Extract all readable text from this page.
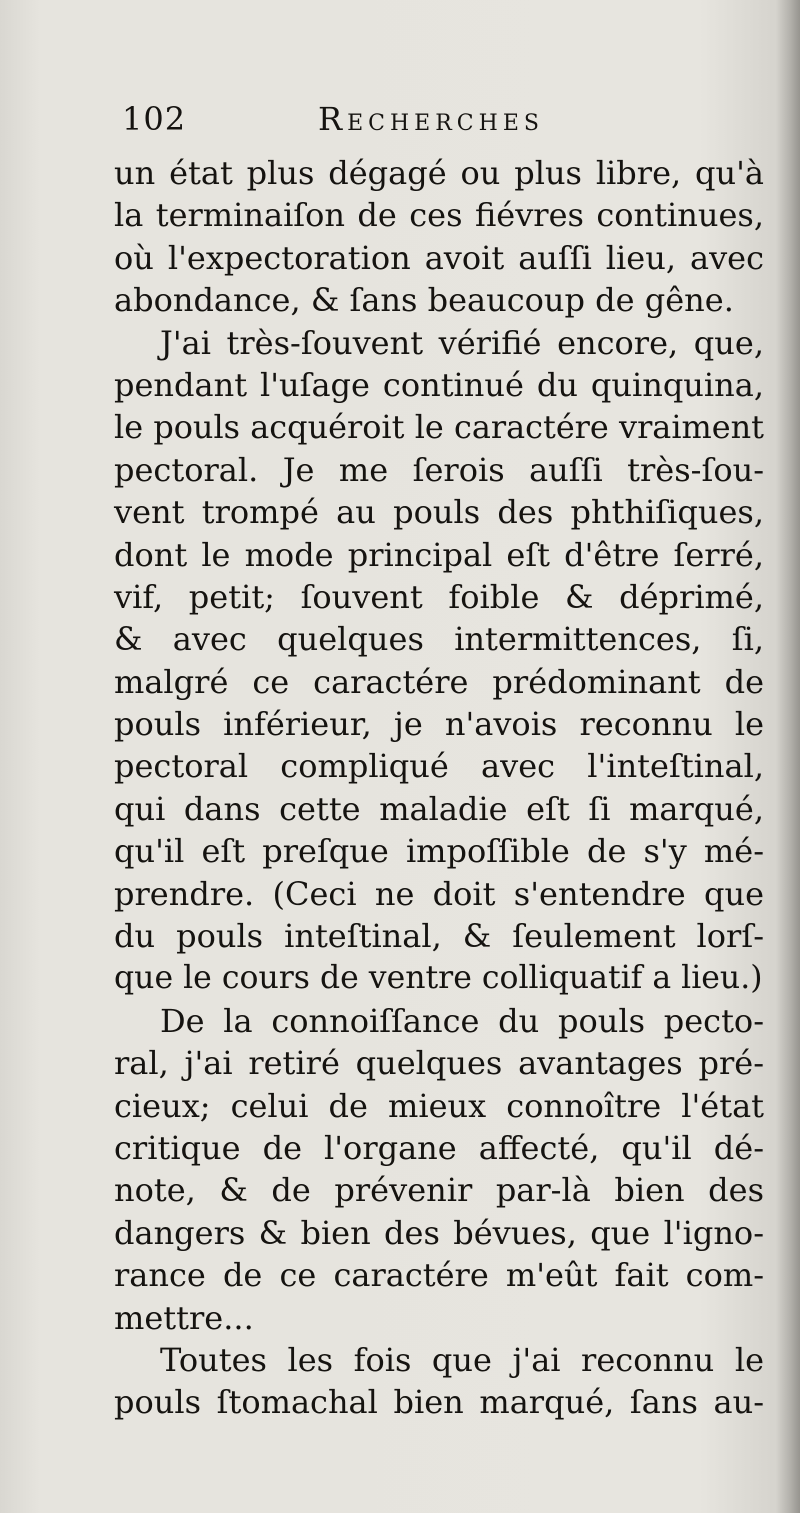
102	Recherches
un état plus dégagé ou plus libre, qu'à
la terminaiſon de ces fiévres continues,
où l'expectoration avoit auſſi lieu, avec
abondance, & ſans beaucoup de gêne.
J'ai très-ſouvent vérifié encore, que,
pendant l'uſage continué du quinquina,
le pouls acquéroit le caractére vraiment
pectoral. Je me ſerois auſſi très-ſou-
vent trompé au pouls des phthiſiques,
dont le mode principal eſt d'être ſerré,
vif, petit; ſouvent foible & déprimé,
& avec quelques intermittences, ſi,
malgré ce caractére prédominant de
pouls inférieur, je n'avois reconnu le
pectoral compliqué avec l'inteſtinal,
qui dans cette maladie eſt ſi marqué,
qu'il eſt preſque impoſſible de s'y mé-
prendre. (Ceci ne doit s'entendre que
du pouls inteſtinal, & ſeulement lorſ-
que le cours de ventre colliquatif a lieu.)
De la connoiſſance du pouls pecto-
ral, j'ai retiré quelques avantages pré-
cieux; celui de mieux connoître l'état
critique de l'organe affecté, qu'il dé-
note, & de prévenir par-là bien des
dangers & bien des bévues, que l'igno-
rance de ce caractére m'eût fait com-
mettre...
Toutes les fois que j'ai reconnu le
pouls ſtomachal bien marqué, ſans au-
